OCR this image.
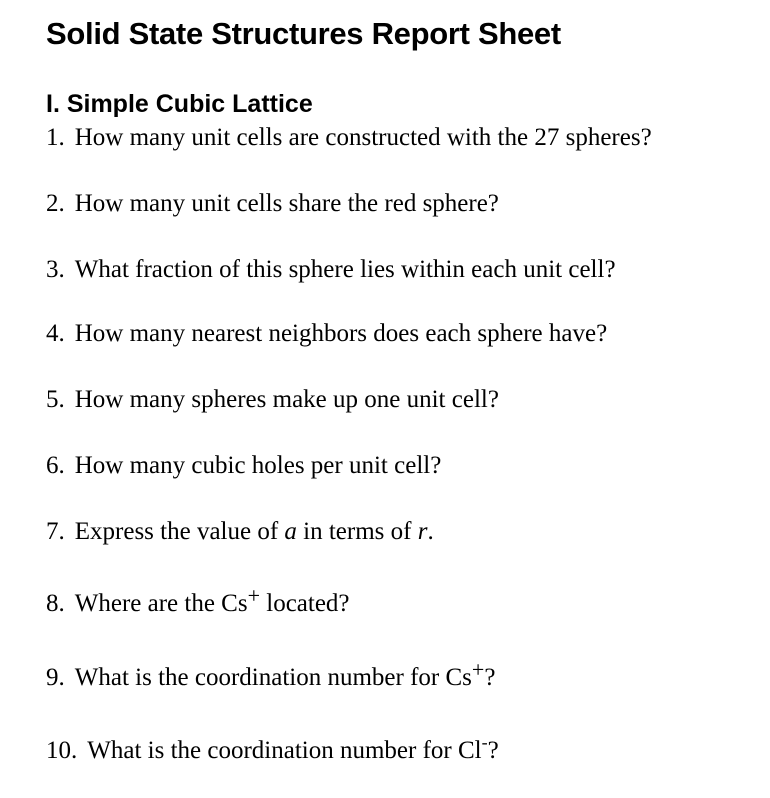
Solid State Structures Report Sheet
I. Simple Cubic Lattice
1. How many unit cells are constructed with the 27 spheres?
2. How many unit cells share the red sphere?
3. What fraction of this sphere lies within each unit cell?
4. How many nearest neighbors does each sphere have?
5. How many spheres make up one unit cell?
6. How many cubic holes per unit cell?
7. Express the value of a in terms of r.
8. Where are the Cs+ located?
9. What is the coordination number for Cs+?
10. What is the coordination number for Cl-?
